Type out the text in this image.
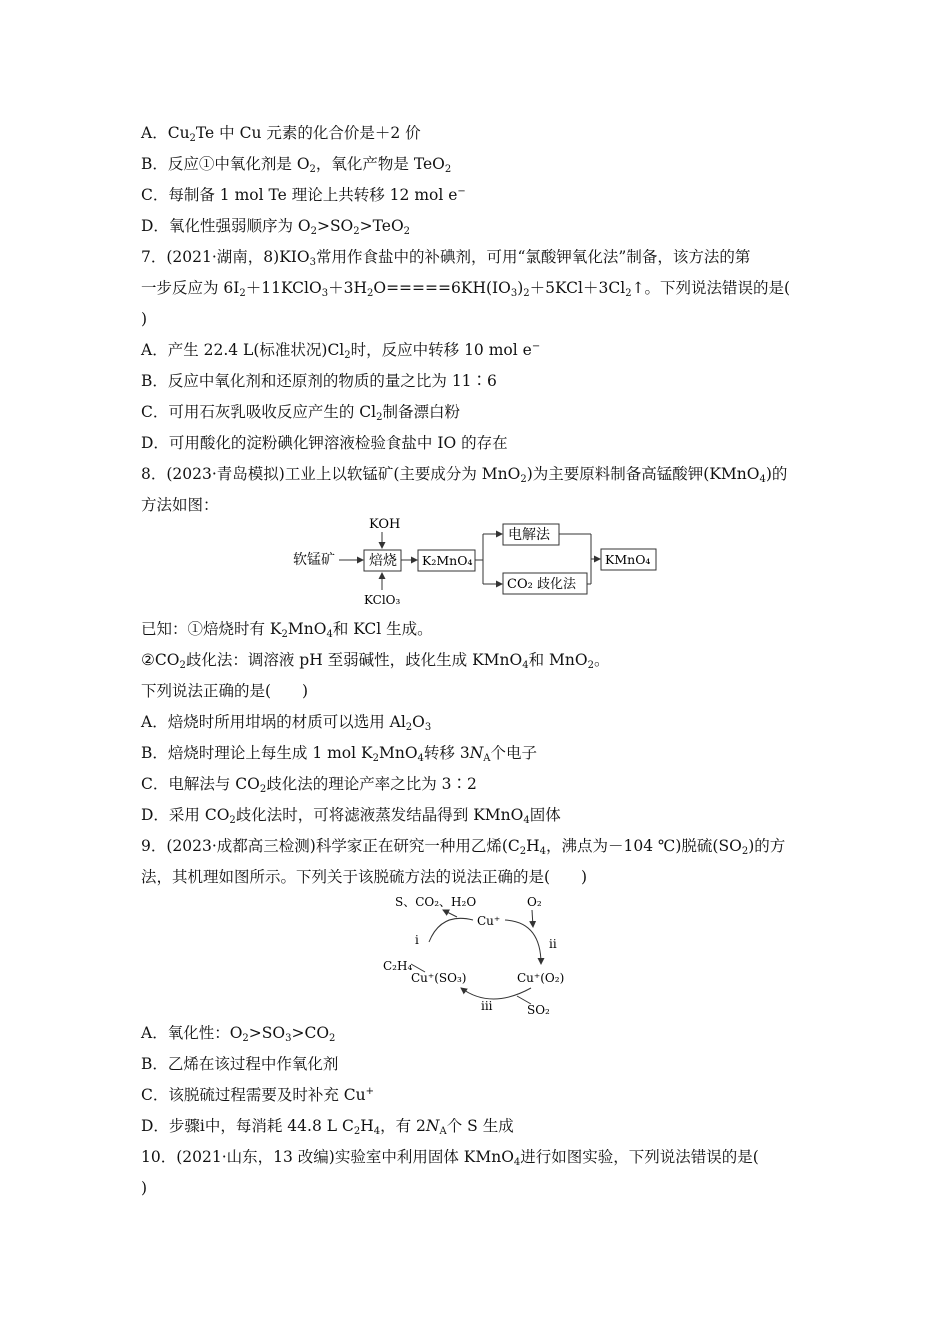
A．$Cu_2Te$ 中 Cu 元素的化合价是＋2 价
B．反应①中氧化剂是 $O_2$，氧化产物是 TeO$_2$
C．每制备 1 mol Te 理论上共转移 12 mol e−
D．氧化性强弱顺序为 $O_2>SO_2>TeO_2$
7．(2021·湖南，$8)KIO_3$常用作食盐中的补碘剂，可用“氯酸钾氧化法”制备，该方法的第
一步反应为 $6I_2+11KClO_3+3H_2O=====6KH(IO_3)_2+5KCl+3Cl_2↑$。下列说法错误的是(
)
A．产生 22.4 L(标准状况)$Cl_2$时，反应中转移 10 mol e−
B．反应中氧化剂和还原剂的物质的量之比为 11∶6
C．可用石灰乳吸收反应产生的 $Cl_2$制备漂白粉
D．可用酸化的淀粉碘化钾溶液检验食盐中 IO 的存在
8．(2023·青岛模拟)工业上以软锰矿(主要成分为 MnO$_2$)为主要原料制备高锰酸钾(KMnO$_4$)的
方法如图：
KOH
软锰矿 焙烧
KClO₃
K₂MnO₄
电解法
CO₂ 歧化法
KMnO₄
已知：①焙烧时有 $K_2MnO_4$和 KCl 生成。
$②CO_2$歧化法：调溶液 pH 至弱碱性，歧化生成 KMnO$_4$和 MnO$_2$。
下列说法正确的是(　　)
A．焙烧时所用坩埚的材质可以选用 $Al_2O_3$
B．焙烧时理论上每生成 1 mol $K_2MnO_4$转移 $3N_A$个电子
C．电解法与 $CO_2$歧化法的理论产率之比为 3∶2
D．采用 $CO_2$歧化法时，可将滤液蒸发结晶得到 KMnO$_4$固体
9．(2023·成都高三检测)科学家正在研究一种用乙烯($C_2H_4$，沸点为－104 ℃)脱硫$(SO_2)$的方
法，其机理如图所示。下列关于该脱硫方法的说法正确的是(　　)
S、CO₂、H₂O	O₂
Cu⁺
i	ii
C₂H₄
Cu⁺(SO₃)	Cu⁺(O₂)
iii	SO₂
A．氧化性：$O_2>SO_3>CO_2$
B．乙烯在该过程中作氧化剂
C．该脱硫过程需要及时补充 Cu+
D．步骤ⅰ中，每消耗 44.8 L $C_2H_4$，有 $2N_A$个 S 生成
10．(2021·山东，13 改编)实验室中利用固体 KMnO$_4$进行如图实验，下列说法错误的是(
)
